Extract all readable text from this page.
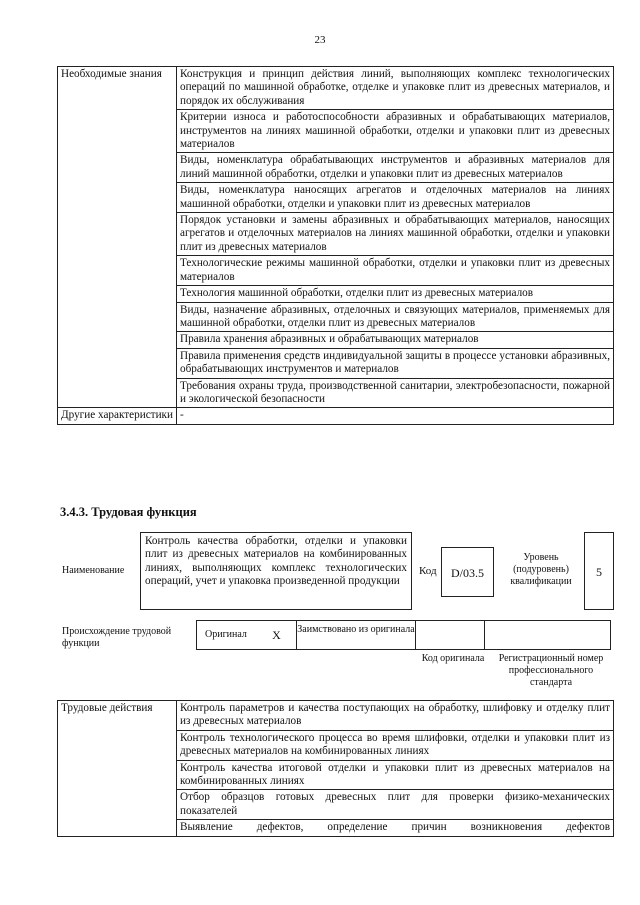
23
Необходимые знания	Конструкция и принцип действия линий, выполняющих комплекс технологических операций по машинной обработке, отделке и упаковке плит из древесных материалов, и порядок их обслуживания
	Критерии износа и работоспособности абразивных и обрабатывающих материалов, инструментов на линиях машинной обработки, отделки и упаковки плит из древесных материалов
	Виды, номенклатура обрабатывающих инструментов и абразивных материалов для линий машинной обработки, отделки и упаковки плит из древесных материалов
	Виды, номенклатура наносящих агрегатов и отделочных материалов на линиях машинной обработки, отделки и упаковки плит из древесных материалов
	Порядок установки и замены абразивных и обрабатывающих материалов, наносящих агрегатов и отделочных материалов на линиях машинной обработки, отделки и упаковки плит из древесных материалов
	Технологические режимы машинной обработки, отделки и упаковки плит из древесных материалов
	Технология машинной обработки, отделки плит из древесных материалов
	Виды, назначение абразивных, отделочных и связующих материалов, применяемых для машинной обработки, отделки плит из древесных материалов
	Правила хранения абразивных и обрабатывающих материалов
	Правила применения средств индивидуальной защиты в процессе установки абразивных, обрабатывающих инструментов и материалов
	Требования охраны труда, производственной санитарии, электробезопасности, пожарной и экологической безопасности
Другие характеристики	-
3.4.3. Трудовая функция
Наименование
Контроль качества обработки, отделки и упаковки плит из древесных материалов на комбинированных линиях, выполняющих комплекс технологических операций, учет и упаковка произведенной продукции
Код	D/03.5
Уровень (подуровень) квалификации
5
Происхождение трудовой функции
Оригинал	X	Заимствовано из оригинала
Код оригинала	Регистрационный номер профессионального стандарта
Трудовые действия	Контроль параметров и качества поступающих на обработку, шлифовку и отделку плит из древесных материалов
Контроль технологического процесса во время шлифовки, отделки и упаковки плит из древесных материалов на комбинированных линиях
Контроль качества итоговой отделки и упаковки плит из древесных материалов на комбинированных линиях
Отбор образцов готовых древесных плит для проверки физико-механических показателей
Выявление дефектов, определение причин возникновения дефектов
